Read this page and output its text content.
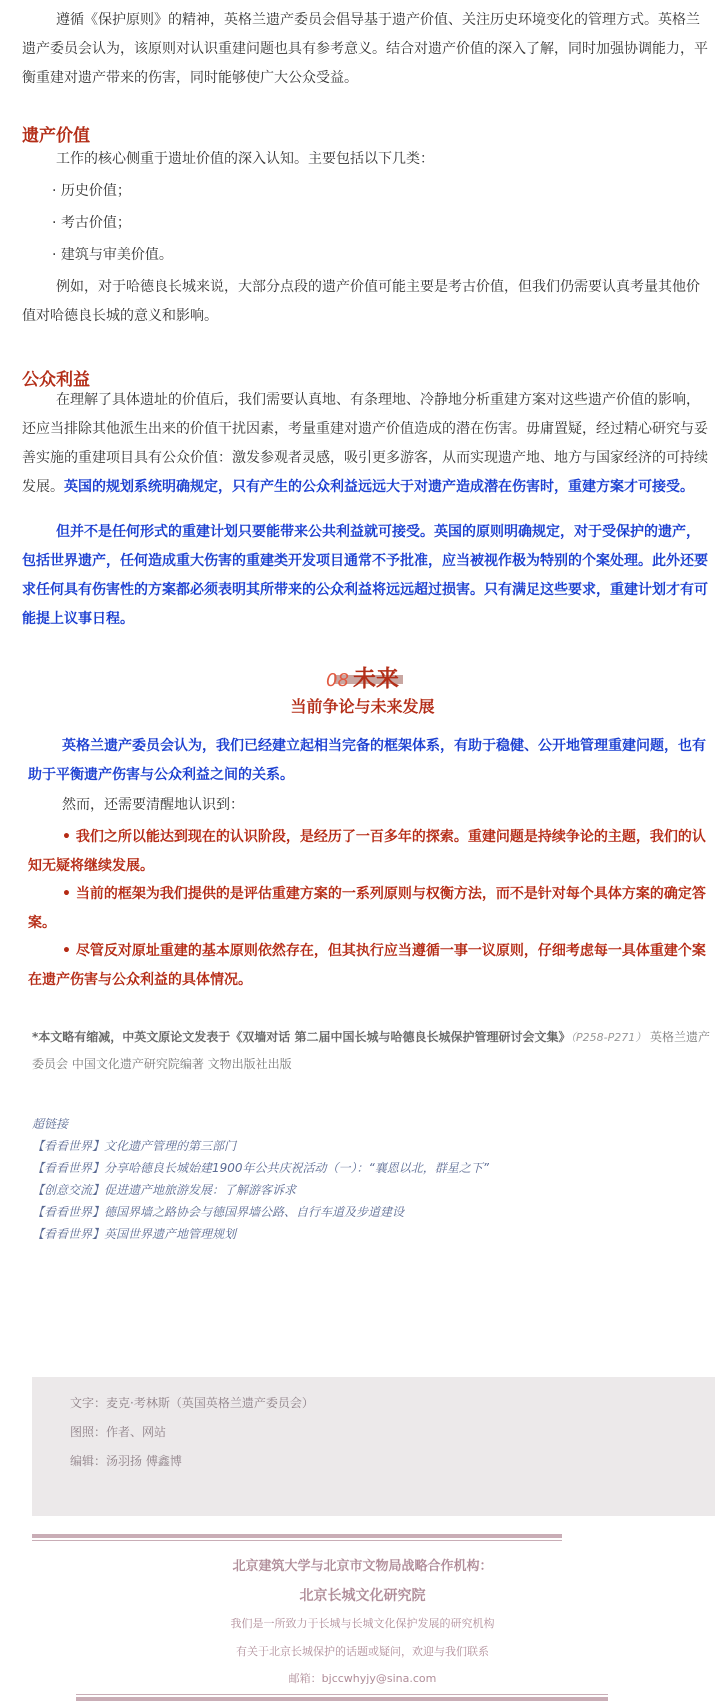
遵循《保护原则》的精神，英格兰遗产委员会倡导基于遗产价值、关注历史环境变化的管理方式。英格兰遗产委员会认为，该原则对认识重建问题也具有参考意义。结合对遗产价值的深入了解，同时加强协调能力，平衡重建对遗产带来的伤害，同时能够使广大公众受益。
遗产价值
工作的核心侧重于遗址价值的深入认知。主要包括以下几类：
· 历史价值；
· 考古价值；
· 建筑与审美价值。
例如，对于哈德良长城来说，大部分点段的遗产价值可能主要是考古价值，但我们仍需要认真考量其他价值对哈德良长城的意义和影响。
公众利益
在理解了具体遗址的价值后，我们需要认真地、有条理地、冷静地分析重建方案对这些遗产价值的影响，还应当排除其他派生出来的价值干扰因素，考量重建对遗产价值造成的潜在伤害。毋庸置疑，经过精心研究与妥善实施的重建项目具有公众价值：激发参观者灵感，吸引更多游客，从而实现遗产地、地方与国家经济的可持续发展。英国的规划系统明确规定，只有产生的公众利益远远大于对遗产造成潜在伤害时，重建方案才可接受。
但并不是任何形式的重建计划只要能带来公共利益就可接受。英国的原则明确规定，对于受保护的遗产，包括世界遗产，任何造成重大伤害的重建类开发项目通常不予批准，应当被视作极为特别的个案处理。此外还要求任何具有伤害性的方案都必须表明其所带来的公众利益将远远超过损害。只有满足这些要求，重建计划才有可能提上议事日程。
08 未来
当前争论与未来发展
英格兰遗产委员会认为，我们已经建立起相当完备的框架体系，有助于稳健、公开地管理重建问题，也有助于平衡遗产伤害与公众利益之间的关系。
然而，还需要清醒地认识到：
• 我们之所以能达到现在的认识阶段，是经历了一百多年的探索。重建问题是持续争论的主题，我们的认知无疑将继续发展。
• 当前的框架为我们提供的是评估重建方案的一系列原则与权衡方法，而不是针对每个具体方案的确定答案。
• 尽管反对原址重建的基本原则依然存在，但其执行应当遵循一事一议原则，仔细考虑每一具体重建个案在遗产伤害与公众利益的具体情况。
*本文略有缩减，中英文原论文发表于《双墙对话 第二届中国长城与哈德良长城保护管理研讨会文集》（P258-P271） 英格兰遗产委员会 中国文化遗产研究院编著 文物出版社出版
超链接
【看看世界】文化遗产管理的第三部门
【看看世界】分享哈德良长城始建1900年公共庆祝活动（一）：“襄恩以北，群星之下”
【创意交流】促进遗产地旅游发展：了解游客诉求
【看看世界】德国界墙之路协会与德国界墙公路、自行车道及步道建设
【看看世界】英国世界遗产地管理规划
文字：麦克·考林斯（英国英格兰遗产委员会）
图照：作者、网站
编辑：汤羽扬 傅鑫博
北京建筑大学与北京市文物局战略合作机构：
北京长城文化研究院
我们是一所致力于长城与长城文化保护发展的研究机构
有关于北京长城保护的话题或疑问，欢迎与我们联系
邮箱：bjccwhyjy@sina.com
